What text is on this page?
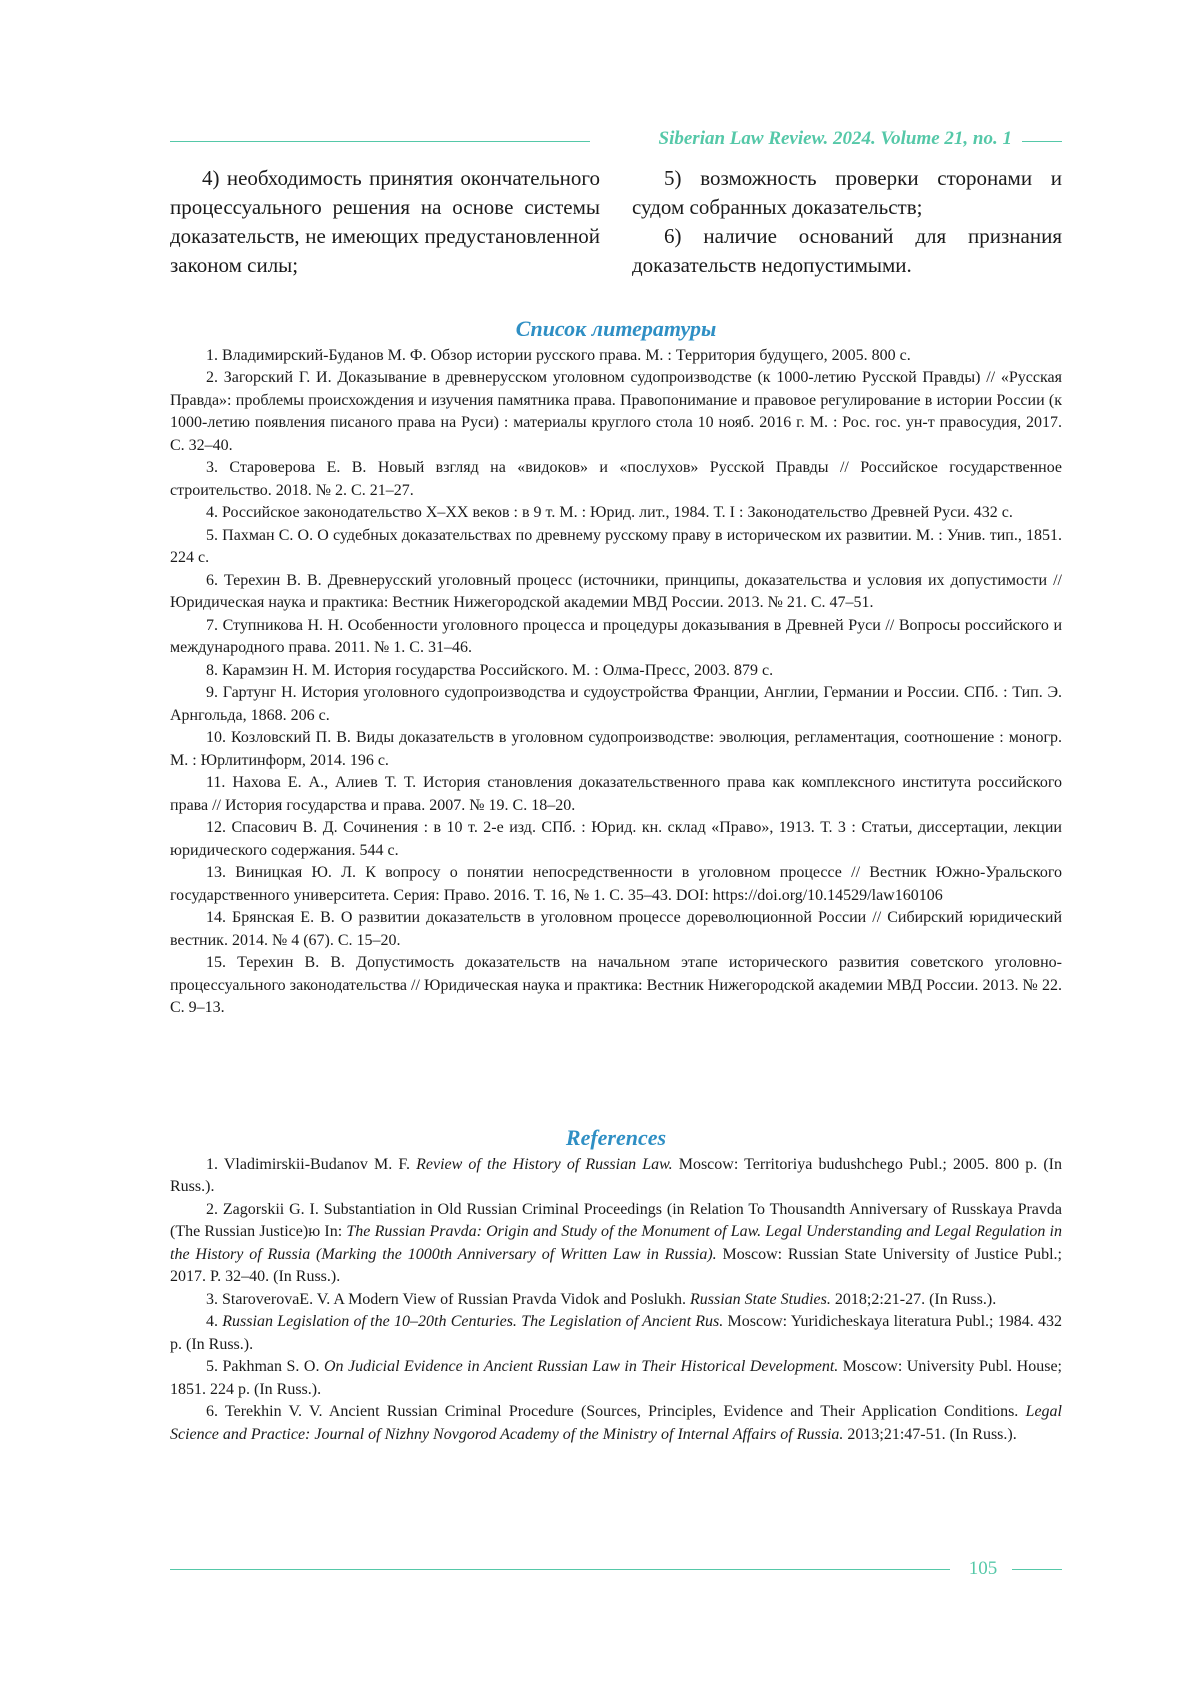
Siberian Law Review. 2024. Volume 21, no. 1

4) необходимость принятия окончательного процессуального решения на основе системы доказательств, не имеющих предустановленной законом силы;

5) возможность проверки сторонами и судом собранных доказательств;

6) наличие оснований для признания доказательств недопустимыми.

Список литературы

1. Владимирский-Буданов М. Ф. Обзор истории русского права. М. : Территория будущего, 2005. 800 с.

2. Загорский Г. И. Доказывание в древнерусском уголовном судопроизводстве (к 1000-летию Русской Правды) // «Русская Правда»: проблемы происхождения и изучения памятника права. Правопонимание и правовое регулирование в истории России (к 1000-летию появления писаного права на Руси) : материалы круглого стола 10 нояб. 2016 г. М. : Рос. гос. ун-т правосудия, 2017. С. 32–40.

3. Староверова Е. В. Новый взгляд на «видоков» и «послухов» Русской Правды // Российское государственное строительство. 2018. № 2. С. 21–27.

4. Российское законодательство X–XX веков : в 9 т. М. : Юрид. лит., 1984. Т. I : Законодательство Древней Руси. 432 с.

5. Пахман С. О. О судебных доказательствах по древнему русскому праву в историческом их развитии. М. : Унив. тип., 1851. 224 с.

6. Терехин В. В. Древнерусский уголовный процесс (источники, принципы, доказательства и условия их допустимости // Юридическая наука и практика: Вестник Нижегородской академии МВД России. 2013. № 21. С. 47–51.

7. Ступникова Н. Н. Особенности уголовного процесса и процедуры доказывания в Древней Руси // Вопросы российского и международного права. 2011. № 1. С. 31–46.

8. Карамзин Н. М. История государства Российского. М. : Олма-Пресс, 2003. 879 с.

9. Гартунг Н. История уголовного судопроизводства и судоустройства Франции, Англии, Германии и России. СПб. : Тип. Э. Арнгольда, 1868. 206 с.

10. Козловский П. В. Виды доказательств в уголовном судопроизводстве: эволюция, регламентация, соотношение : моногр. М. : Юрлитинформ, 2014. 196 с.

11. Нахова Е. А., Алиев Т. Т. История становления доказательственного права как комплексного института российского права // История государства и права. 2007. № 19. С. 18–20.

12. Спасович В. Д. Сочинения : в 10 т. 2-е изд. СПб. : Юрид. кн. склад «Право», 1913. Т. 3 : Статьи, диссертации, лекции юридического содержания. 544 с.

13. Виницкая Ю. Л. К вопросу о понятии непосредственности в уголовном процессе // Вестник Южно-Уральского государственного университета. Серия: Право. 2016. Т. 16, № 1. С. 35–43. DOI: https://doi.org/10.14529/law160106

14. Брянская Е. В. О развитии доказательств в уголовном процессе дореволюционной России // Сибирский юридический вестник. 2014. № 4 (67). С. 15–20.

15. Терехин В. В. Допустимость доказательств на начальном этапе исторического развития советского уголовно-процессуального законодательства // Юридическая наука и практика: Вестник Нижегородской академии МВД России. 2013. № 22. С. 9–13.

References

1. Vladimirskii-Budanov M. F. Review of the History of Russian Law. Moscow: Territoriya budushchego Publ.; 2005. 800 p. (In Russ.).

2. Zagorskii G. I. Substantiation in Old Russian Criminal Proceedings (in Relation To Thousandth Anniversary of Russkaya Pravda (The Russian Justice)ю In: The Russian Pravda: Origin and Study of the Monument of Law. Legal Understanding and Legal Regulation in the History of Russia (Marking the 1000th Anniversary of Written Law in Russia). Moscow: Russian State University of Justice Publ.; 2017. P. 32–40. (In Russ.).

3. StaroverovaE. V. A Modern View of Russian Pravda Vidok and Poslukh. Russian State Studies. 2018;2:21-27. (In Russ.).

4. Russian Legislation of the 10–20th Centuries. The Legislation of Ancient Rus. Moscow: Yuridicheskaya literatura Publ.; 1984. 432 p. (In Russ.).

5. Pakhman S. O. On Judicial Evidence in Ancient Russian Law in Their Historical Development. Moscow: University Publ. House; 1851. 224 p. (In Russ.).

6. Terekhin V. V. Ancient Russian Criminal Procedure (Sources, Principles, Evidence and Their Application Conditions. Legal Science and Practice: Journal of Nizhny Novgorod Academy of the Ministry of Internal Affairs of Russia. 2013;21:47-51. (In Russ.).

105
